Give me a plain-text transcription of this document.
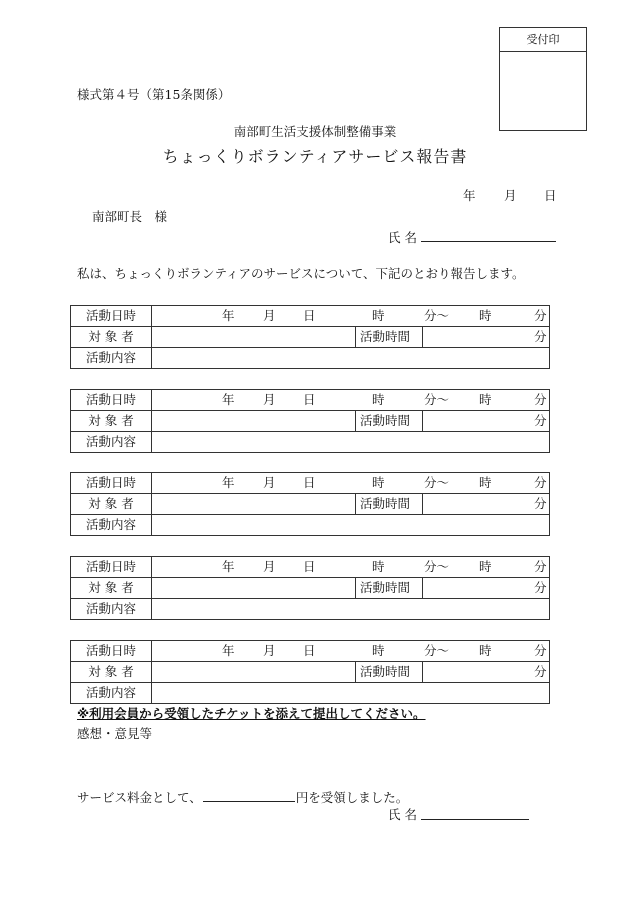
受付印
様式第４号（第15条関係）
南部町生活支援体制整備事業
ちょっくりボランティアサービス報告書
年 月 日
南部町長　様
氏 名
私は、ちょっくりボランティアのサービスについて、下記のとおり報告します。
活動日時	年 月 日	時	分～ 時	分
対 象 者	活動時間	分
活動内容
活動日時	年 月 日	時	分～ 時	分
対 象 者	活動時間	分
活動内容
活動日時	年 月 日	時	分～ 時	分
対 象 者	活動時間	分
活動内容
活動日時	年 月 日	時	分～ 時	分
対 象 者	活動時間	分
活動内容
活動日時	年 月 日	時	分～ 時	分
対 象 者	活動時間	分
活動内容
※利用会員から受領したチケットを添えて提出してください。
感想・意見等
サービス料金として、	円を受領しました。
氏 名
